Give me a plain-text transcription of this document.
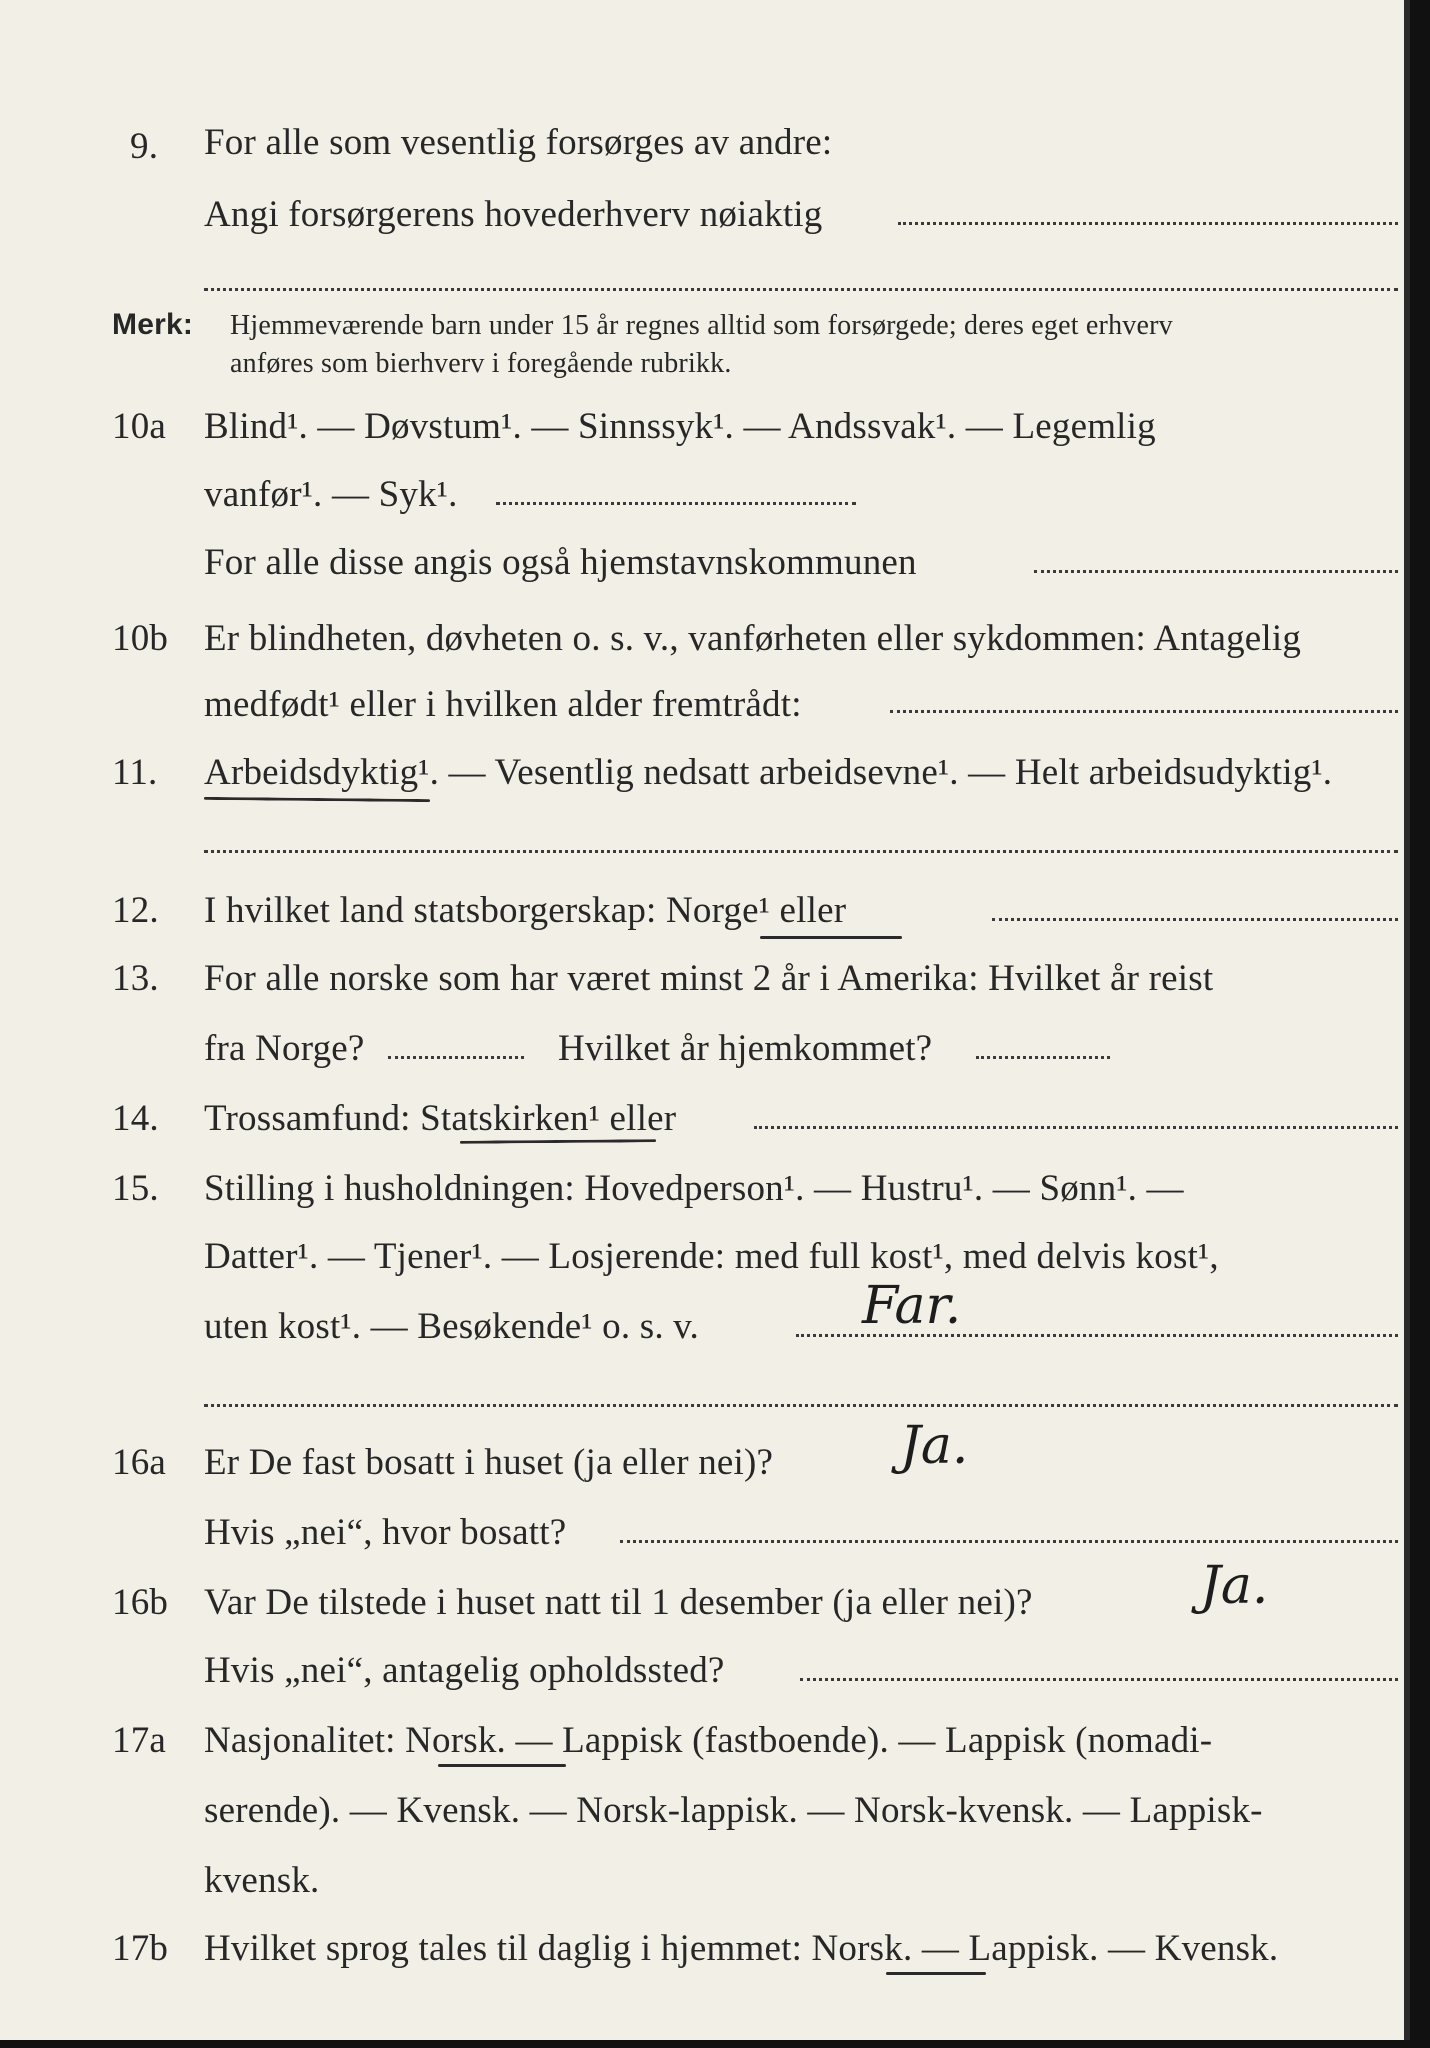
9. For alle som vesentlig forsørges av andre:
Angi forsørgerens hovederhverv nøiaktig
Merk: Hjemmeværende barn under 15 år regnes alltid som forsørgede; deres eget erhverv
anføres som bierhverv i foregående rubrikk.
10a Blind¹. — Døvstum¹. — Sinnssyk¹. — Andssvak¹. — Legemlig
vanfør¹. — Syk¹.
For alle disse angis også hjemstavnskommunen
10b Er blindheten, døvheten o. s. v., vanførheten eller sykdommen: Antagelig
medfødt¹ eller i hvilken alder fremtrådt:
11. Arbeidsdyktig¹. — Vesentlig nedsatt arbeidsevne¹. — Helt arbeidsudyktig¹.
12. I hvilket land statsborgerskap: Norge¹ eller
13. For alle norske som har været minst 2 år i Amerika: Hvilket år reist
fra Norge?	Hvilket år hjemkommet?
14. Trossamfund: Statskirken¹ eller
15. Stilling i husholdningen: Hovedperson¹. — Hustru¹. — Sønn¹. —
Datter¹. — Tjener¹. — Losjerende: med full kost¹, med delvis kost¹,
uten kost¹. — Besøkende¹ o. s. v.	Far.
16a Er De fast bosatt i huset (ja eller nei)? Ja.
Hvis „nei“, hvor bosatt?
16b Var De tilstede i huset natt til 1 desember (ja eller nei)?	Ja.
Hvis „nei“, antagelig opholdssted?
17a Nasjonalitet: Norsk. — Lappisk (fastboende). — Lappisk (nomadi-
serende). — Kvensk. — Norsk-lappisk. — Norsk-kvensk. — Lappisk-
kvensk.
17b Hvilket sprog tales til daglig i hjemmet: Norsk. — Lappisk. — Kvensk.
